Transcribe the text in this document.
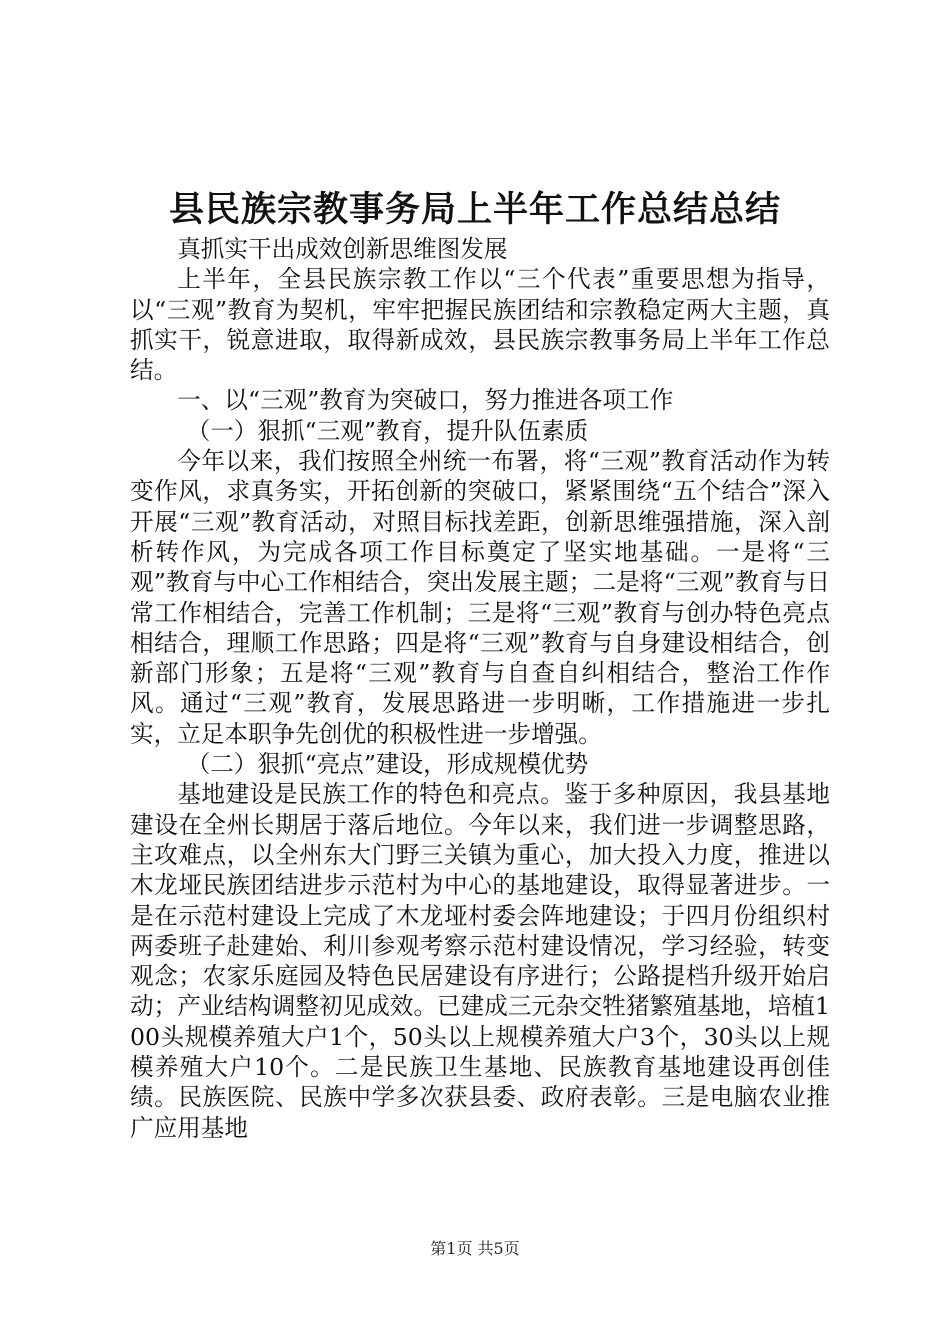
县民族宗教事务局上半年工作总结总结

真抓实干出成效创新思维图发展

上半年，全县民族宗教工作以“三个代表”重要思想为指导，以“三观”教育为契机，牢牢把握民族团结和宗教稳定两大主题，真抓实干，锐意进取，取得新成效，县民族宗教事务局上半年工作总结。

一、以“三观”教育为突破口，努力推进各项工作

（一）狠抓“三观”教育，提升队伍素质

今年以来，我们按照全州统一布署，将“三观”教育活动作为转变作风，求真务实，开拓创新的突破口，紧紧围绕“五个结合”深入开展“三观”教育活动，对照目标找差距，创新思维强措施，深入剖析转作风，为完成各项工作目标奠定了坚实地基础。一是将“三观”教育与中心工作相结合，突出发展主题；二是将“三观”教育与日常工作相结合，完善工作机制；三是将“三观”教育与创办特色亮点相结合，理顺工作思路；四是将“三观”教育与自身建设相结合，创新部门形象；五是将“三观”教育与自查自纠相结合，整治工作作风。通过“三观”教育，发展思路进一步明晰，工作措施进一步扎实，立足本职争先创优的积极性进一步增强。

（二）狠抓“亮点”建设，形成规模优势

基地建设是民族工作的特色和亮点。鉴于多种原因，我县基地建设在全州长期居于落后地位。今年以来，我们进一步调整思路，主攻难点，以全州东大门野三关镇为重心，加大投入力度，推进以木龙垭民族团结进步示范村为中心的基地建设，取得显著进步。一是在示范村建设上完成了木龙垭村委会阵地建设；于四月份组织村两委班子赴建始、利川参观考察示范村建设情况，学习经验，转变观念；农家乐庭园及特色民居建设有序进行；公路提档升级开始启动；产业结构调整初见成效。已建成三元杂交牲猪繁殖基地，培植100头规模养殖大户1个，50头以上规模养殖大户3个，30头以上规模养殖大户10个。二是民族卫生基地、民族教育基地建设再创佳绩。民族医院、民族中学多次获县委、政府表彰。三是电脑农业推广应用基地

第1页 共5页
